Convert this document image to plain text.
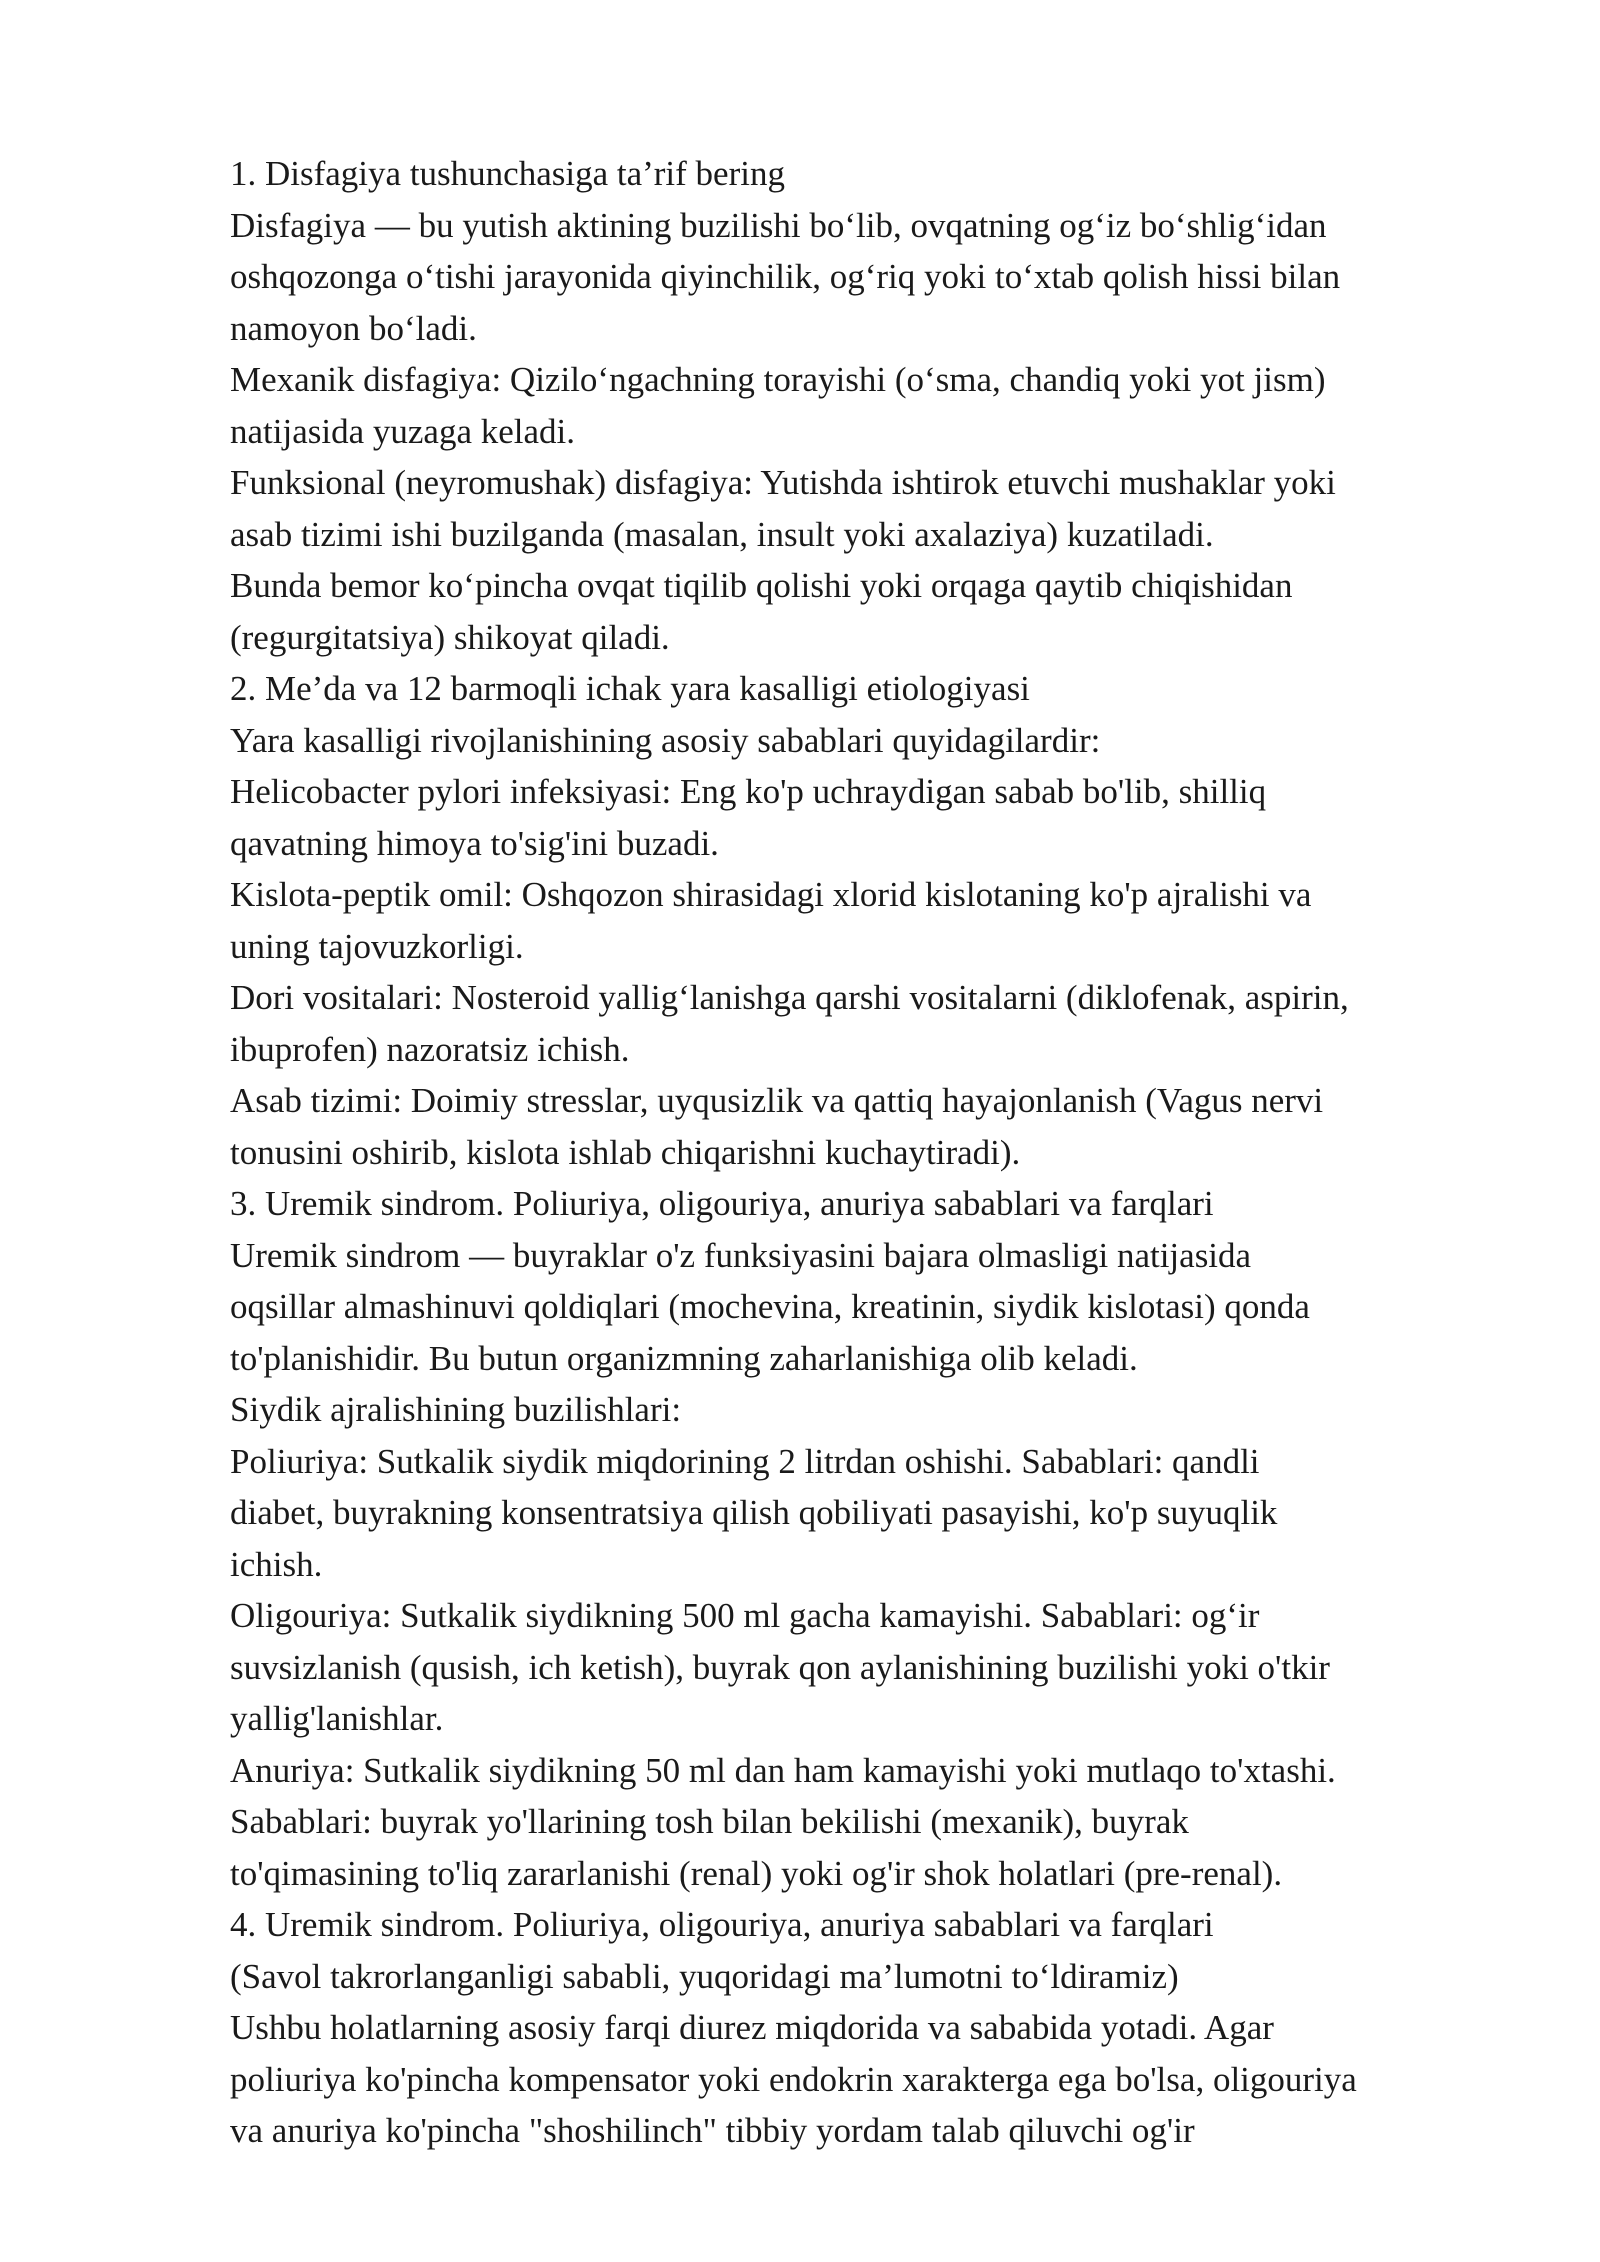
1. Disfagiya tushunchasiga ta’rif bering

Disfagiya — bu yutish aktining buzilishi bo‘lib, ovqatning og‘iz bo‘shlig‘idan

oshqozonga o‘tishi jarayonida qiyinchilik, og‘riq yoki to‘xtab qolish hissi bilan

namoyon bo‘ladi.

Mexanik disfagiya: Qizilo‘ngachning torayishi (o‘sma, chandiq yoki yot jism)

natijasida yuzaga keladi.

Funksional (neyromushak) disfagiya: Yutishda ishtirok etuvchi mushaklar yoki

asab tizimi ishi buzilganda (masalan, insult yoki axalaziya) kuzatiladi.

Bunda bemor ko‘pincha ovqat tiqilib qolishi yoki orqaga qaytib chiqishidan

(regurgitatsiya) shikoyat qiladi.

2. Me’da va 12 barmoqli ichak yara kasalligi etiologiyasi

Yara kasalligi rivojlanishining asosiy sabablari quyidagilardir:

Helicobacter pylori infeksiyasi: Eng ko'p uchraydigan sabab bo'lib, shilliq

qavatning himoya to'sig'ini buzadi.

Kislota-peptik omil: Oshqozon shirasidagi xlorid kislotaning ko'p ajralishi va

uning tajovuzkorligi.

Dori vositalari: Nosteroid yallig‘lanishga qarshi vositalarni (diklofenak, aspirin,

ibuprofen) nazoratsiz ichish.

Asab tizimi: Doimiy stresslar, uyqusizlik va qattiq hayajonlanish (Vagus nervi

tonusini oshirib, kislota ishlab chiqarishni kuchaytiradi).

3. Uremik sindrom. Poliuriya, oligouriya, anuriya sabablari va farqlari

Uremik sindrom — buyraklar o'z funksiyasini bajara olmasligi natijasida

oqsillar almashinuvi qoldiqlari (mochevina, kreatinin, siydik kislotasi) qonda

to'planishidir. Bu butun organizmning zaharlanishiga olib keladi.

Siydik ajralishining buzilishlari:

Poliuriya: Sutkalik siydik miqdorining 2 litrdan oshishi. Sabablari: qandli

diabet, buyrakning konsentratsiya qilish qobiliyati pasayishi, ko'p suyuqlik

ichish.

Oligouriya: Sutkalik siydikning 500 ml gacha kamayishi. Sabablari: og‘ir

suvsizlanish (qusish, ich ketish), buyrak qon aylanishining buzilishi yoki o'tkir

yallig'lanishlar.

Anuriya: Sutkalik siydikning 50 ml dan ham kamayishi yoki mutlaqo to'xtashi.

Sabablari: buyrak yo'llarining tosh bilan bekilishi (mexanik), buyrak

to'qimasining to'liq zararlanishi (renal) yoki og'ir shok holatlari (pre-renal).

4. Uremik sindrom. Poliuriya, oligouriya, anuriya sabablari va farqlari

(Savol takrorlanganligi sababli, yuqoridagi ma’lumotni to‘ldiramiz)

Ushbu holatlarning asosiy farqi diurez miqdorida va sababida yotadi. Agar

poliuriya ko'pincha kompensator yoki endokrin xarakterga ega bo'lsa, oligouriya

va anuriya ko'pincha "shoshilinch" tibbiy yordam talab qiluvchi og'ir
